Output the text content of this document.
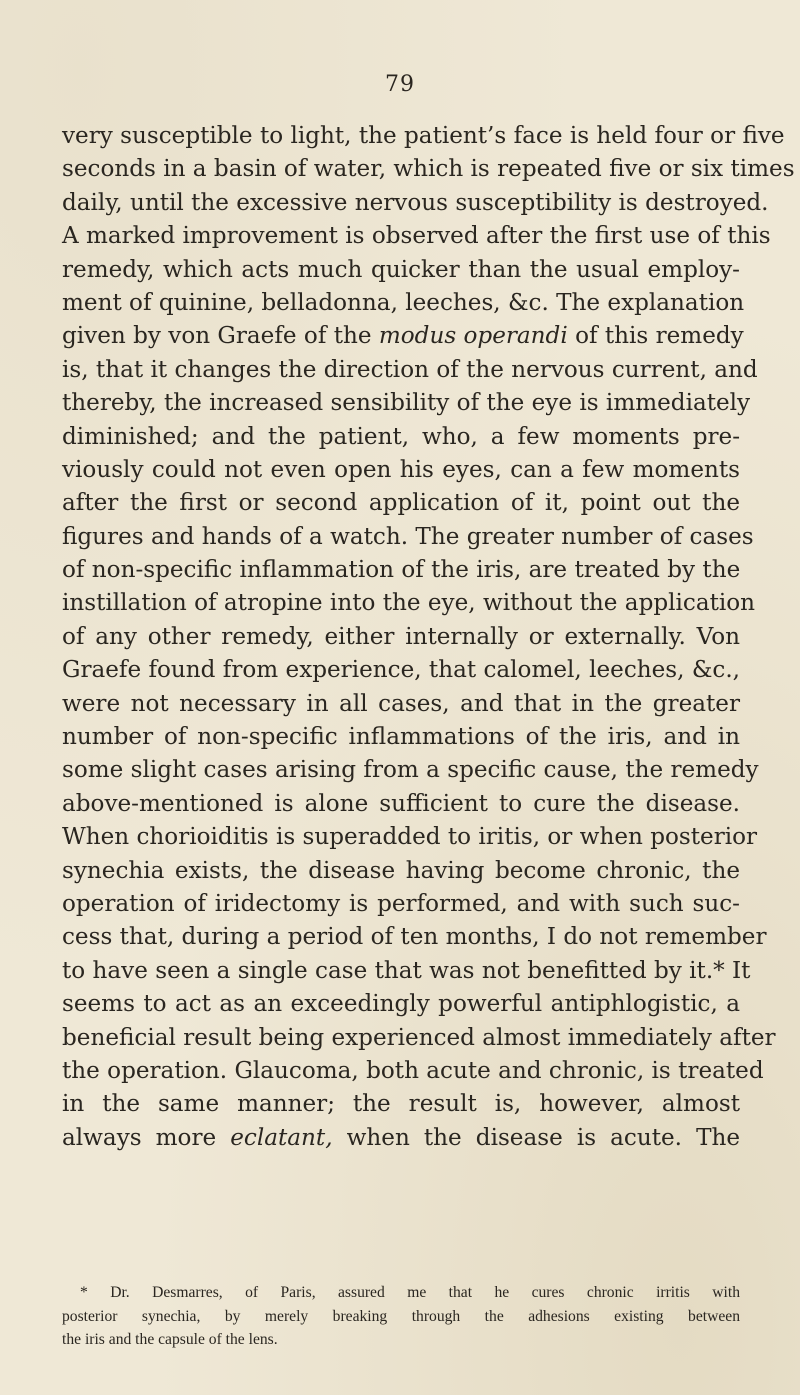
79
very susceptible to light, the patient’s face is held four or five
seconds in a basin of water, which is repeated five or six times
daily, until the excessive nervous susceptibility is destroyed.
A marked improvement is observed after the first use of this
remedy, which acts much quicker than the usual employ-
ment of quinine, belladonna, leeches, &c. The explanation
given by von Graefe of the modus operandi of this remedy
is, that it changes the direction of the nervous current, and
thereby, the increased sensibility of the eye is immediately
diminished; and the patient, who, a few moments pre-
viously could not even open his eyes, can a few moments
after the first or second application of it, point out the
figures and hands of a watch. The greater number of cases
of non-specific inflammation of the iris, are treated by the
instillation of atropine into the eye, without the application
of any other remedy, either internally or externally. Von
Graefe found from experience, that calomel, leeches, &c.,
were not necessary in all cases, and that in the greater
number of non-specific inflammations of the iris, and in
some slight cases arising from a specific cause, the remedy
above-mentioned is alone sufficient to cure the disease.
When chorioiditis is superadded to iritis, or when posterior
synechia exists, the disease having become chronic, the
operation of iridectomy is performed, and with such suc-
cess that, during a period of ten months, I do not remember
to have seen a single case that was not benefitted by it.* It
seems to act as an exceedingly powerful antiphlogistic, a
beneficial result being experienced almost immediately after
the operation. Glaucoma, both acute and chronic, is treated
in the same manner; the result is, however, almost
always more eclatant, when the disease is acute. The
* Dr. Desmarres, of Paris, assured me that he cures chronic irritis with
posterior synechia, by merely breaking through the adhesions existing between
the iris and the capsule of the lens.
